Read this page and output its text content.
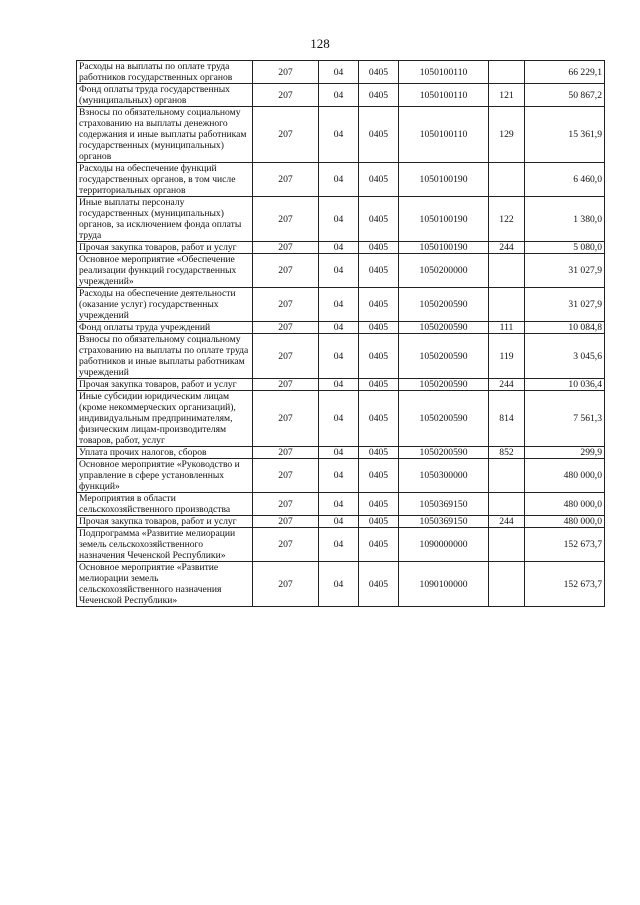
128
Расходы на выплаты по оплате труда работников государственных органов	207	04	0405	1050100110		66 229,1
Фонд оплаты труда государственных (муниципальных) органов	207	04	0405	1050100110	121	50 867,2
Взносы по обязательному социальному страхованию на выплаты денежного содержания и иные выплаты работникам государственных (муниципальных) органов	207	04	0405	1050100110	129	15 361,9
Расходы на обеспечение функций государственных органов, в том числе территориальных органов	207	04	0405	1050100190		6 460,0
Иные выплаты персоналу государственных (муниципальных) органов, за исключением фонда оплаты труда	207	04	0405	1050100190	122	1 380,0
Прочая закупка товаров, работ и услуг	207	04	0405	1050100190	244	5 080,0
Основное мероприятие «Обеспечение реализации функций государственных учреждений»	207	04	0405	1050200000		31 027,9
Расходы на обеспечение деятельности (оказание услуг) государственных учреждений	207	04	0405	1050200590		31 027,9
Фонд оплаты труда учреждений	207	04	0405	1050200590	111	10 084,8
Взносы по обязательному социальному страхованию на выплаты по оплате труда работников и иные выплаты работникам учреждений	207	04	0405	1050200590	119	3 045,6
Прочая закупка товаров, работ и услуг	207	04	0405	1050200590	244	10 036,4
Иные субсидии юридическим лицам (кроме некоммерческих организаций), индивидуальным предпринимателям, физическим лицам-производителям товаров, работ, услуг	207	04	0405	1050200590	814	7 561,3
Уплата прочих налогов, сборов	207	04	0405	1050200590	852	299,9
Основное мероприятие «Руководство и управление в сфере установленных функций»	207	04	0405	1050300000		480 000,0
Мероприятия в области сельскохозяйственного производства	207	04	0405	1050369150		480 000,0
Прочая закупка товаров, работ и услуг	207	04	0405	1050369150	244	480 000,0
Подпрограмма «Развитие мелиорации земель сельскохозяйственного назначения Чеченской Республики»	207	04	0405	1090000000		152 673,7
Основное мероприятие «Развитие мелиорации земель сельскохозяйственного назначения Чеченской Республики»	207	04	0405	1090100000		152 673,7
